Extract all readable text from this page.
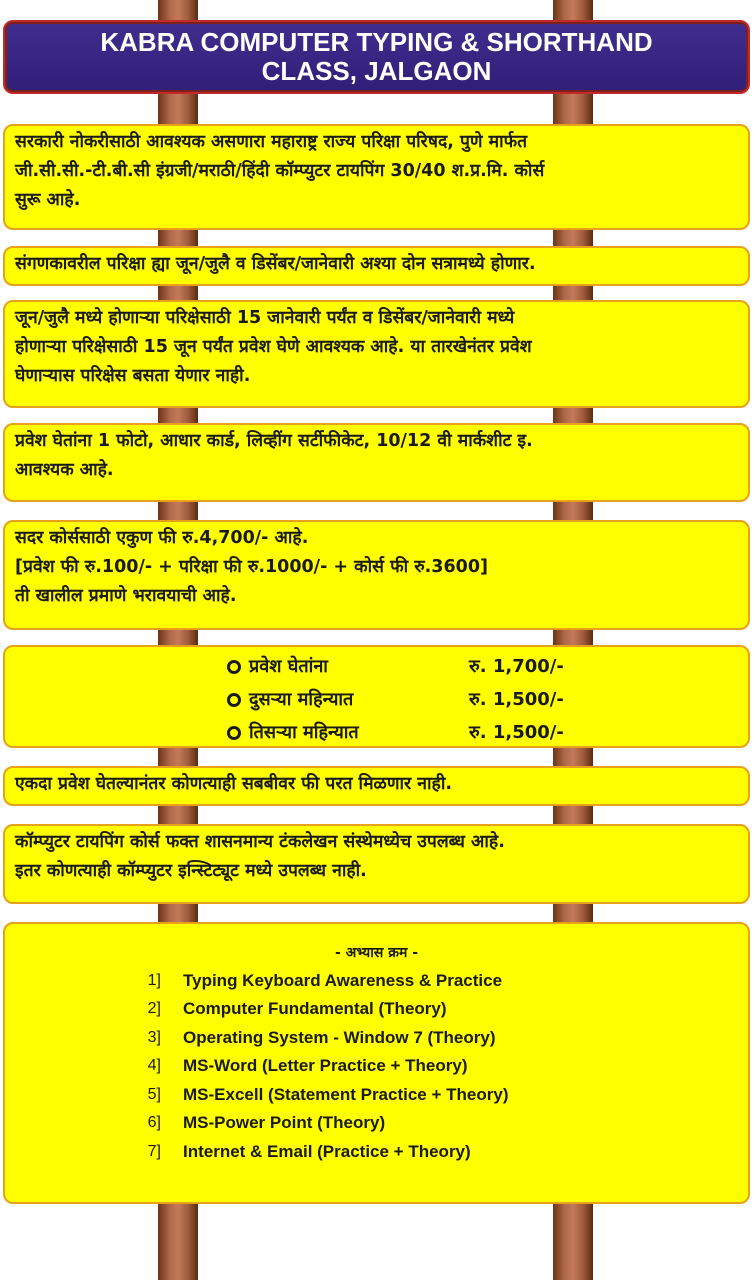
KABRA COMPUTER TYPING & SHORTHAND
CLASS, JALGAON

सरकारी नोकरीसाठी आवश्यक असणारा महाराष्ट्र राज्य परिक्षा परिषद, पुणे मार्फत

जी.सी.सी.-टी.बी.सी इंग्रजी/मराठी/हिंदी कॉम्प्युटर टायपिंग 30/40 श.प्र.मि. कोर्स

सुरू आहे.

संगणकावरील परिक्षा ह्या जून/जुलै व डिसेंबर/जानेवारी अश्या दोन सत्रामध्ये होणार.

जून/जुलै मध्ये होणाऱ्या परिक्षेसाठी 15 जानेवारी पर्यंत व डिसेंबर/जानेवारी मध्ये

होणाऱ्या परिक्षेसाठी 15 जून पर्यंत प्रवेश घेणे आवश्यक आहे. या तारखेनंतर प्रवेश

घेणाऱ्यास परिक्षेस बसता येणार नाही.

प्रवेश घेतांना 1 फोटो, आधार कार्ड, लिव्हींग सर्टीफीकेट, 10/12 वी मार्कशीट इ.

आवश्यक आहे.

सदर कोर्ससाठी एकुण फी रु.4,700/- आहे.

[प्रवेश फी रु.100/- + परिक्षा फी रु.1000/- + कोर्स फी रु.3600]

ती खालील प्रमाणे भरावयाची आहे.

प्रवेश घेतांना	रु. 1,700/-
दुसऱ्या महिन्यात	रु. 1,500/-
तिसऱ्या महिन्यात	रु. 1,500/-

एकदा प्रवेश घेतल्यानंतर कोणत्याही सबबीवर फी परत मिळणार नाही.

कॉम्प्युटर टायपिंग कोर्स फक्त शासनमान्य टंकलेखन संस्थेमध्येच उपलब्ध आहे.

इतर कोणत्याही कॉम्प्युटर इन्स्टिट्यूट मध्ये उपलब्ध नाही.

- अभ्यास क्रम -
1] Typing Keyboard Awareness & Practice
2] Computer Fundamental (Theory)
3] Operating System - Window 7 (Theory)
4] MS-Word (Letter Practice + Theory)
5] MS-Excell (Statement Practice + Theory)
6] MS-Power Point (Theory)
7] Internet & Email (Practice + Theory)
